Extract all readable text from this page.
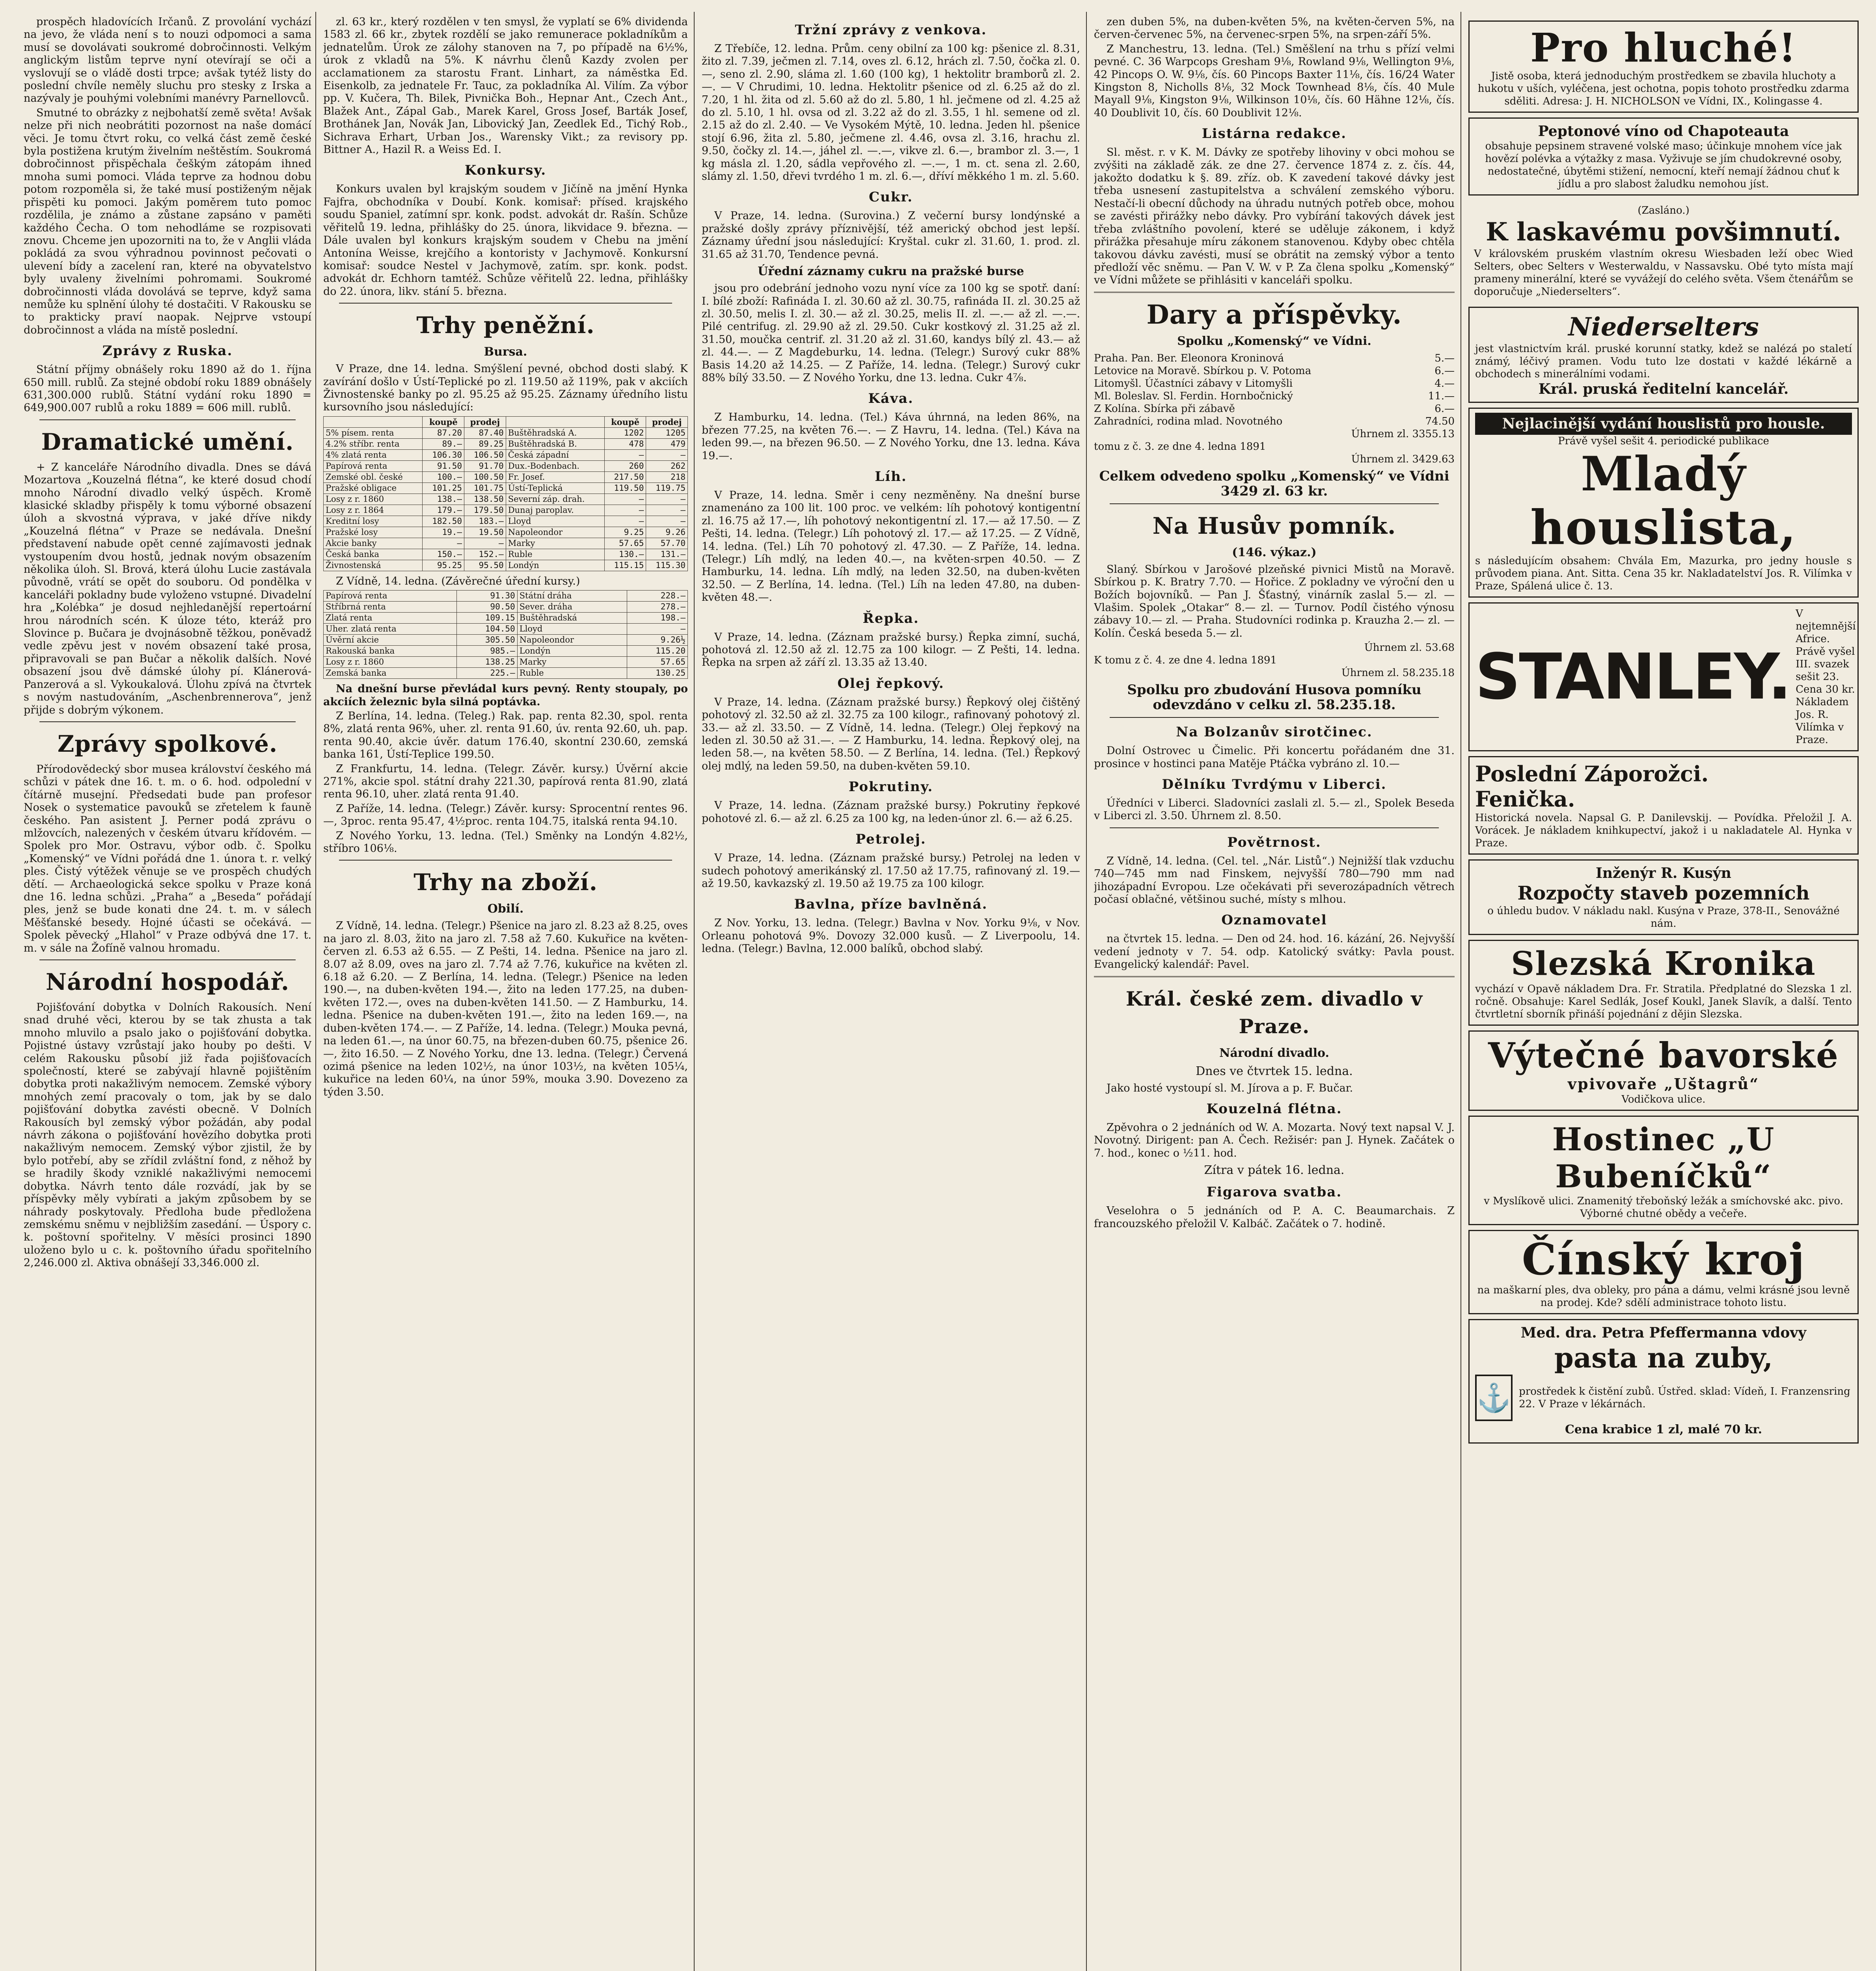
prospěch hladovících Irčanů. Z provolání vychází na jevo, že vláda není s to nouzi odpomoci a sama musí se dovolávati soukromé dobročinnosti. Velkým anglickým listům teprve nyní otevírají se oči a vyslovují se o vládě dosti trpce; avšak tytéž listy do poslední chvíle neměly sluchu pro stesky z Irska a nazývaly je pouhými volebními manévry Parnellovců.

Smutné to obrázky z nejbohatší země světa! Avšak nelze při nich neobrátiti pozornost na naše domácí věci. Je tomu čtvrt roku, co velká část země české byla postižena krutým živelním neštěstím. Soukromá dobročinnost přispěchala češkým zátopám ihned mnoha sumi pomoci. Vláda teprve za hodnou dobu potom rozpoměla si, že také musí postiženým nějak přispěti ku pomoci. Jakým poměrem tuto pomoc rozdělila, je známo a zůstane zapsáno v paměti každého Čecha. O tom nehodláme se rozpisovati znovu. Chceme jen upozorniti na to, že v Anglii vláda pokládá za svou výhradnou povinnost pečovati o ulevení bídy a zacelení ran, které na obyvatelstvo byly uvaleny živelními pohromami. Soukromé dobročinnosti vláda dovolává se teprve, když sama nemůže ku splnění úlohy té dostačiti. V Rakousku se to prakticky praví naopak. Nejprve vstoupí dobročinnost a vláda na místě poslední.

Zprávy z Ruska.

Státní příjmy obnášely roku 1890 až do 1. října 650 mill. rublů. Za stejné období roku 1889 obnášely 631,300.000 rublů. Státní vydání roku 1890 = 649,900.007 rublů a roku 1889 = 606 mill. rublů.

Dramatické umění.

+ Z kanceláře Národního divadla. Dnes se dává Mozartova „Kouzelná flétna“, ke které dosud chodí mnoho Národní divadlo velký úspěch. Kromě klasické skladby přispěly k tomu výborné obsazení úloh a skvostná výprava, v jaké dříve nikdy „Kouzelná flétna“ v Praze se nedávala. Dnešní představení nabude opět cenné zajímavosti jednak vystoupením dvou hostů, jednak novým obsazením několika úloh. Sl. Brová, která úlohu Lucie zastávala původně, vrátí se opět do souboru. Od pondělka v kanceláři pokladny bude vyloženo vstupné. Divadelní hra „Kolébka“ je dosud nejhledanější repertoární hrou národních scén. K úloze této, kteráž pro Slovince p. Bučara je dvojnásobně těžkou, poněvadž vedle zpěvu jest v novém obsazení také prosa, připravovali se pan Bučar a několik dalších. Nové obsazení jsou dvě dámské úlohy pí. Klánerová-Panzerová a sl. Vykoukalová. Úlohu zpívá na čtvrtek s novým nastudováním, „Aschenbrennerova“, jenž přijde s dobrým výkonem.

Zprávy spolkové.

Přírodovědecký sbor musea království českého má schůzi v pátek dne 16. t. m. o 6. hod. odpolední v čítárně musejní. Předsedati bude pan profesor Nosek o systematice pavouků se zřetelem k fauně českého. Pan asistent J. Perner podá zprávu o mlžovcích, nalezených v českém útvaru křídovém. — Spolek pro Mor. Ostravu, výbor odb. č. Spolku „Komenský“ ve Vídni pořádá dne 1. února t. r. velký ples. Čistý výtěžek věnuje se ve prospěch chudých dětí. — Archaeologická sekce spolku v Praze koná dne 16. ledna schůzi. „Praha“ a „Beseda“ pořádají ples, jenž se bude konati dne 24. t. m. v sálech Měšťanské besedy. Hojné účasti se očekává. — Spolek pěvecký „Hlahol“ v Praze odbývá dne 17. t. m. v sále na Žofíně valnou hromadu.

Národní hospodář.

Pojišťování dobytka v Dolních Rakousích. Není snad druhé věci, kterou by se tak zhusta a tak mnoho mluvilo a psalo jako o pojišťování dobytka. Pojistné ústavy vzrůstají jako houby po dešti. V celém Rakousku působí již řada pojišťovacích společností, které se zabývají hlavně pojištěním dobytka proti nakažlivým nemocem. Zemské výbory mnohých zemí pracovaly o tom, jak by se dalo pojišťování dobytka zavésti obecně. V Dolních Rakousích byl zemský výbor požádán, aby podal návrh zákona o pojišťování hovězího dobytka proti nakažlivým nemocem. Zemský výbor zjistil, že by bylo potřebí, aby se zřídil zvláštní fond, z něhož by se hradily škody vzniklé nakažlivými nemocemi dobytka. Návrh tento dále rozvádí, jak by se příspěvky měly vybírati a jakým způsobem by se náhrady poskytovaly. Předloha bude předložena zemskému sněmu v nejbližším zasedání. — Úspory c. k. poštovní spořitelny. V měsíci prosinci 1890 uloženo bylo u c. k. poštovního úřadu spořitelního 2,246.000 zl. Aktiva obnášejí 33,346.000 zl.

zl. 63 kr., který rozdělen v ten smysl, že vyplatí se 6% dividenda 1583 zl. 66 kr., zbytek rozdělí se jako remunerace pokladníkům a jednatelům. Úrok ze zálohy stanoven na 7, po případě na 6½%, úrok z vkladů na 5%. K návrhu členů Kazdy zvolen per acclamationem za starostu Frant. Linhart, za náměstka Ed. Eisenkolb, za jednatele Fr. Tauc, za pokladníka Al. Vilím. Za výbor pp. V. Kučera, Th. Bilek, Pivnička Boh., Hepnar Ant., Czech Ant., Blažek Ant., Zápal Gab., Marek Karel, Gross Josef, Barták Josef, Brothánek Jan, Novák Jan, Libovický Jan, Zeedlek Ed., Tichý Rob., Sichrava Erhart, Urban Jos., Warensky Vikt.; za revisory pp. Bittner A., Hazil R. a Weiss Ed. I.

Konkursy.

Konkurs uvalen byl krajským soudem v Jičíně na jmění Hynka Fajfra, obchodníka v Doubí. Konk. komisař: přísed. krajského soudu Spaniel, zatímní spr. konk. podst. advokát dr. Rašín. Schůze věřitelů 19. ledna, přihlášky do 25. února, likvidace 9. března. — Dále uvalen byl konkurs krajským soudem v Chebu na jmění Antonína Weisse, krejčího a kontoristy v Jachymově. Konkursní komisař: soudce Nestel v Jachymově, zatím. spr. konk. podst. advokát dr. Echhorn tamtéž. Schůze věřitelů 22. ledna, přihlášky do 22. února, likv. stání 5. března.

Trhy peněžní.
Bursa.

V Praze, dne 14. ledna. Smýšlení pevné, obchod dosti slabý. K zavírání došlo v Ústí-Teplické po zl. 119.50 až 119%, pak v akciích Živnostenské banky po zl. 95.25 až 95.25. Záznamy úředního listu kursovního jsou následující:

	koupě	prodej		koupě	prodej
5% písem. renta	87.20	87.40	Buštěhradská A.	1202	1205
4.2% stříbr. renta	89.—	89.25	Buštěhradská B.	478	479
4% zlatá renta	106.30	106.50	Česká západní	—	—
Papírová renta	91.50	91.70	Dux.-Bodenbach.	260	262
Zemské obl. české	100.—	100.50	Fr. Josef.	217.50	218
Pražské obligace	101.25	101.75	Ústí-Teplická	119.50	119.75
Losy z r. 1860	138.—	138.50	Severní záp. drah.	—	—
Losy z r. 1864	179.—	179.50	Dunaj paroplav.	—	—
Kreditní losy	182.50	183.—	Lloyd	—	—
Pražské losy	19.—	19.50	Napoleondor	9.25	9.26
Akcie banky	—	—	Marky	57.65	57.70
Česká banka	150.—	152.—	Ruble	130.—	131.—
Živnostenská	95.25	95.50	Londýn	115.15	115.30

Z Vídně, 14. ledna. (Závěrečné úřední kursy.)

Papírová renta	91.30	Státní dráha	228.—
Stříbrná renta	90.50	Sever. dráha	278.—
Zlatá renta	109.15	Buštěhradská	198.—
Uher. zlatá renta	104.50	Lloyd	—
Úvěrní akcie	305.50	Napoleondor	9.26½
Rakouská banka	985.—	Londýn	115.20
Losy z r. 1860	138.25	Marky	57.65
Zemská banka	225.—	Ruble	130.25

Na dnešní burse převládal kurs pevný. Renty stoupaly, po akciích železnic byla silná poptávka.

Z Berlína, 14. ledna. (Teleg.) Rak. pap. renta 82.30, spol. renta 8%, zlatá renta 96%, uher. zl. renta 91.60, úv. renta 92.60, uh. pap. renta 90.40, akcie úvěr. datum 176.40, skontní 230.60, zemská banka 161, Ústí-Teplice 199.50.

Z Frankfurtu, 14. ledna. (Telegr. Závěr. kursy.) Úvěrní akcie 271%, akcie spol. státní drahy 221.30, papírová renta 81.90, zlatá renta 96.10, uher. zlatá renta 91.40.

Z Paříže, 14. ledna. (Telegr.) Závěr. kursy: Sprocentní rentes 96.—, 3proc. renta 95.47, 4½proc. renta 104.75, italská renta 94.10.

Z Nového Yorku, 13. ledna. (Tel.) Směnky na Londýn 4.82½, stříbro 106⅛.

Trhy na zboží.
Obilí.

Z Vídně, 14. ledna. (Telegr.) Pšenice na jaro zl. 8.23 až 8.25, oves na jaro zl. 8.03, žito na jaro zl. 7.58 až 7.60. Kukuřice na květen-červen zl. 6.53 až 6.55. — Z Pešti, 14. ledna. Pšenice na jaro zl. 8.07 až 8.09, oves na jaro zl. 7.74 až 7.76, kukuřice na květen zl. 6.18 až 6.20. — Z Berlína, 14. ledna. (Telegr.) Pšenice na leden 190.—, na duben-květen 194.—, žito na leden 177.25, na duben-květen 172.—, oves na duben-květen 141.50. — Z Hamburku, 14. ledna. Pšenice na duben-květen 191.—, žito na leden 169.—, na duben-květen 174.—. — Z Paříže, 14. ledna. (Telegr.) Mouka pevná, na leden 61.—, na únor 60.75, na březen-duben 60.75, pšenice 26.—, žito 16.50. — Z Nového Yorku, dne 13. ledna. (Telegr.) Červená ozimá pšenice na leden 102½, na únor 103½, na květen 105¼, kukuřice na leden 60¼, na únor 59%, mouka 3.90. Dovezeno za týden 3.50.

Tržní zprávy z venkova.

Z Třebíče, 12. ledna. Prům. ceny obilní za 100 kg: pšenice zl. 8.31, žito zl. 7.39, ječmen zl. 7.14, oves zl. 6.12, hrách zl. 7.50, čočka zl. 0.—, seno zl. 2.90, sláma zl. 1.60 (100 kg), 1 hektolitr bramborů zl. 2.—. — V Chrudimi, 10. ledna. Hektolitr pšenice od zl. 6.25 až do zl. 7.20, 1 hl. žita od zl. 5.60 až do zl. 5.80, 1 hl. ječmene od zl. 4.25 až do zl. 5.10, 1 hl. ovsa od zl. 3.22 až do zl. 3.55, 1 hl. semene od zl. 2.15 až do zl. 2.40. — Ve Vysokém Mýtě, 10. ledna. Jeden hl. pšenice stojí 6.96, žita zl. 5.80, ječmene zl. 4.46, ovsa zl. 3.16, hrachu zl. 9.50, čočky zl. 14.—, jáhel zl. —.—, vikve zl. 6.—, brambor zl. 3.—, 1 kg másla zl. 1.20, sádla vepřového zl. —.—, 1 m. ct. sena zl. 2.60, slámy zl. 1.50, dřevi tvrdého 1 m. zl. 6.—, dříví měkkého 1 m. zl. 5.60.

Cukr.

V Praze, 14. ledna. (Surovina.) Z večerní bursy londýnské a pražské došly zprávy příznivější, též americký obchod jest lepší. Záznamy úřední jsou následující: Kryštal. cukr zl. 31.60, 1. prod. zl. 31.65 až 31.70, Tendence pevná.

Úřední záznamy cukru na pražské burse

jsou pro odebrání jednoho vozu nyní více za 100 kg se spotř. daní: I. bílé zboží: Rafináda I. zl. 30.60 až zl. 30.75, rafináda II. zl. 30.25 až zl. 30.50, melis I. zl. 30.— až zl. 30.25, melis II. zl. —.— až zl. —.—. Pilé centrifug. zl. 29.90 až zl. 29.50. Cukr kostkový zl. 31.25 až zl. 31.50, moučka centrif. zl. 31.20 až zl. 31.60, kandys bílý zl. 43.— až zl. 44.—. — Z Magdeburku, 14. ledna. (Telegr.) Surový cukr 88% Basis 14.20 až 14.25. — Z Paříže, 14. ledna. (Telegr.) Surový cukr 88% bílý 33.50. — Z Nového Yorku, dne 13. ledna. Cukr 4⅞.

Káva.

Z Hamburku, 14. ledna. (Tel.) Káva úhrnná, na leden 86%, na březen 77.25, na květen 76.—. — Z Havru, 14. ledna. (Tel.) Káva na leden 99.—, na březen 96.50. — Z Nového Yorku, dne 13. ledna. Káva 19.—.

Líh.

V Praze, 14. ledna. Směr i ceny nezměněny. Na dnešní burse znamenáno za 100 lit. 100 proc. ve velkém: líh pohotový kontigentní zl. 16.75 až 17.—, líh pohotový nekontigentní zl. 17.— až 17.50. — Z Pešti, 14. ledna. (Telegr.) Líh pohotový zl. 17.— až 17.25. — Z Vídně, 14. ledna. (Tel.) Líh 70 pohotový zl. 47.30. — Z Paříže, 14. ledna. (Telegr.) Líh mdlý, na leden 40.—, na květen-srpen 40.50. — Z Hamburku, 14. ledna. Líh mdlý, na leden 32.50, na duben-květen 32.50. — Z Berlína, 14. ledna. (Tel.) Líh na leden 47.80, na duben-květen 48.—.

Řepka.

V Praze, 14. ledna. (Záznam pražské bursy.) Řepka zimní, suchá, pohotová zl. 12.50 až zl. 12.75 za 100 kilogr. — Z Pešti, 14. ledna. Řepka na srpen až září zl. 13.35 až 13.40.

Olej řepkový.

V Praze, 14. ledna. (Záznam pražské bursy.) Řepkový olej čištěný pohotový zl. 32.50 až zl. 32.75 za 100 kilogr., rafinovaný pohotový zl. 33.— až zl. 33.50. — Z Vídně, 14. ledna. (Telegr.) Olej řepkový na leden zl. 30.50 až 31.—. — Z Hamburku, 14. ledna. Řepkový olej, na leden 58.—, na květen 58.50. — Z Berlína, 14. ledna. (Tel.) Řepkový olej mdlý, na leden 59.50, na duben-květen 59.10.

Pokrutiny.

V Praze, 14. ledna. (Záznam pražské bursy.) Pokrutiny řepkové pohotové zl. 6.— až zl. 6.25 za 100 kg, na leden-únor zl. 6.— až 6.25.

Petrolej.

V Praze, 14. ledna. (Záznam pražské bursy.) Petrolej na leden v sudech pohotový amerikánský zl. 17.50 až 17.75, rafinovaný zl. 19.— až 19.50, kavkazský zl. 19.50 až 19.75 za 100 kilogr.

Bavlna, příze bavlněná.

Z Nov. Yorku, 13. ledna. (Telegr.) Bavlna v Nov. Yorku 9⅛, v Nov. Orleanu pohotová 9%. Dovozy 32.000 kusů. — Z Liverpoolu, 14. ledna. (Telegr.) Bavlna, 12.000 balíků, obchod slabý.

zen duben 5%, na duben-květen 5%, na květen-červen 5%, na červen-červenec 5%, na červenec-srpen 5%, na srpen-září 5%.

Z Manchestru, 13. ledna. (Tel.) Směšlení na trhu s přízí velmi pevné. C. 36 Warpcops Gresham 9⅛, Rowland 9⅛, Wellington 9⅛, 42 Pincops O. W. 9⅛, čís. 60 Pincops Baxter 11⅛, čís. 16/24 Water Kingston 8, Nicholls 8⅛, 32 Mock Townhead 8⅛, čís. 40 Mule Mayall 9⅛, Kingston 9⅛, Wilkinson 10⅛, čís. 60 Hähne 12⅛, čís. 40 Doublivit 10, čís. 60 Doublivit 12⅛.

Listárna redakce.

Sl. měst. r. v K. M. Dávky ze spotřeby lihoviny v obci mohou se zvýšiti na základě zák. ze dne 27. července 1874 z. z. čís. 44, jakožto dodatku k §. 89. zříz. ob. K zavedení takové dávky jest třeba usnesení zastupitelstva a schválení zemského výboru. Nestačí-li obecní důchody na úhradu nutných potřeb obce, mohou se zavésti přirážky nebo dávky. Pro vybírání takových dávek jest třeba zvláštního povolení, které se uděluje zákonem, i když přirážka přesahuje míru zákonem stanovenou. Kdyby obec chtěla takovou dávku zavésti, musí se obrátit na zemský výbor a tento předloží věc sněmu. — Pan V. W. v P. Za člena spolku „Komenský“ ve Vídni můžete se přihlásiti v kanceláři spolku.

Dary a příspěvky.
Spolku „Komenský“ ve Vídni.
Praha. Pan. Ber. Eleonora Kroninová	5.—
Letovice na Moravě. Sbírkou p. V. Potoma	6.—
Litomyšl. Účastníci zábavy v Litomyšli	4.—
Ml. Boleslav. Sl. Ferdin. Hornbočnický	11.—
Z Kolína. Sbírka při zábavě	6.—
Zahradníci, rodina mlad. Novotného	74.50
Úhrnem zl. 3355.13
tomu z č. 3. ze dne 4. ledna 1891
Úhrnem zl. 3429.63
Celkem odvedeno spolku „Komenský“ ve Vídni 3429 zl. 63 kr.
Na Husův pomník.
(146. výkaz.)

Slaný. Sbírkou v Jarošové plzeňské pivnici Mistů na Moravě. Sbírkou p. K. Bratry 7.70. — Hořice. Z pokladny ve výroční den u Božích bojovníků. — Pan J. Šťastný, vinárník zaslal 5.— zl. — Vlašim. Spolek „Otakar“ 8.— zl. — Turnov. Podíl čistého výnosu zábavy 10.— zl. — Praha. Studovníci rodinka p. Krauzha 2.— zl. — Kolín. Česká beseda 5.— zl.

Úhrnem zl. 53.68
K tomu z č. 4. ze dne 4. ledna 1891
Úhrnem zl. 58.235.18
Spolku pro zbudování Husova pomníku odevzdáno v celku zl. 58.235.18.
Na Bolzanův sirotčinec.

Dolní Ostrovec u Čimelic. Při koncertu pořádaném dne 31. prosince v hostinci pana Matěje Ptáčka vybráno zl. 10.—

Dělníku Tvrdýmu v Liberci.

Úředníci v Liberci. Sladovníci zaslali zl. 5.— zl., Spolek Beseda v Liberci zl. 3.50. Úhrnem zl. 8.50.

Povětrnost.

Z Vídně, 14. ledna. (Cel. tel. „Nár. Listů“.) Nejnižší tlak vzduchu 740—745 mm nad Finskem, nejvyšší 780—790 mm nad jihozápadní Evropou. Lze očekávati při severozápadních větrech počasí oblačné, většinou suché, místy s mlhou.

Oznamovatel

na čtvrtek 15. ledna. — Den od 24. hod. 16. kázání, 26. Nejvyšší vedení jednoty v 7. 54. odp. Katolický svátky: Pavla poust. Evangelický kalendář: Pavel.

Král. české zem. divadlo v Praze.
Národní divadlo.
Dnes ve čtvrtek 15. ledna.

Jako hosté vystoupí sl. M. Jírova a p. F. Bučar.

Kouzelná flétna.

Zpěvohra o 2 jednáních od W. A. Mozarta. Nový text napsal V. J. Novotný. Dirigent: pan A. Čech. Režisér: pan J. Hynek. Začátek o 7. hod., konec o ½11. hod.

Zítra v pátek 16. ledna.
Figarova svatba.

Veselohra o 5 jednáních od P. A. C. Beaumarchais. Z francouzského přeložil V. Kalbáč. Začátek o 7. hodině.

Pro hluché!
Jistě osoba, která jednoduchým prostředkem se zbavila hluchoty a hukotu v uších, vyléčena, jest ochotna, popis tohoto prostředku zdarma sděliti. Adresa: J. H. NICHOLSON ve Vídni, IX., Kolingasse 4.
Peptonové víno od Chapoteauta
obsahuje pepsinem stravené volské maso; účinkuje mnohem více jak hovězí polévka a výtažky z masa. Vyživuje se jím chudokrevné osoby, nedostatečné, úbytěmi stižení, nemocní, kteří nemají žádnou chuť k jídlu a pro slabost žaludku nemohou jíst.
(Zasláno.)
K laskavému povšimnutí.
V královském pruském vlastním okresu Wiesbaden leží obec Wied Selters, obec Selters v Westerwaldu, v Nassavsku. Obé tyto místa mají prameny minerální, které se vyvážejí do celého světa. Všem čtenářům se doporučuje „Niederselters“.
Niederselters
jest vlastnictvím král. pruské korunní statky, kdež se nalézá po staletí známý, léčivý pramen. Vodu tuto lze dostati v každé lékárně a obchodech s minerálními vodami.
Král. pruská ředitelní kancelář.
Nejlacinější vydání houslistů pro housle.
Právě vyšel sešit 4. periodické publikace
Mladý houslista,
s následujícím obsahem: Chvála Em, Mazurka, pro jedny housle s průvodem piana. Ant. Sitta. Cena 35 kr. Nakladatelství Jos. R. Vilímka v Praze, Spálená ulice č. 13.
STANLEY.
V nejtemnější Africe. Právě vyšel III. svazek sešit 23. Cena 30 kr. Nákladem Jos. R. Vilímka v Praze.
Poslední Záporožci.
Fenička.
Historická novela. Napsal G. P. Danilevskij. — Povídka. Přeložil J. A. Vorácek. Je nákladem knihkupectví, jakož i u nakladatele Al. Hynka v Praze.
Inženýr R. Kusýn
Rozpočty staveb pozemních
o úhledu budov. V nákladu nakl. Kusýna v Praze, 378-II., Senovážné nám.
Slezská Kronika
vychází v Opavě nákladem Dra. Fr. Stratila. Předplatné do Slezska 1 zl. ročně. Obsahuje: Karel Sedlák, Josef Koukl, Janek Slavík, a další. Tento čtvrtletní sborník přináší pojednání z dějin Slezska.
Výtečné bavorské
vpivovaře „Uštagrů“
Vodičkova ulice.
Hostinec „U Bubeníčků“
v Myslíkově ulici. Znamenitý třeboňský ležák a smíchovské akc. pivo. Výborné chutné obědy a večeře.
Čínský kroj
na maškarní ples, dva obleky, pro pána a dámu, velmi krásné jsou levně na prodej. Kde? sdělí administrace tohoto listu.
Med. dra. Petra Pfeffermanna vdovy
pasta na zuby,
⚓ prostředek k čistění zubů. Ústřed. sklad: Vídeň, I. Franzensring 22. V Praze v lékárnách.
Cena krabice 1 zl, malé 70 kr.
